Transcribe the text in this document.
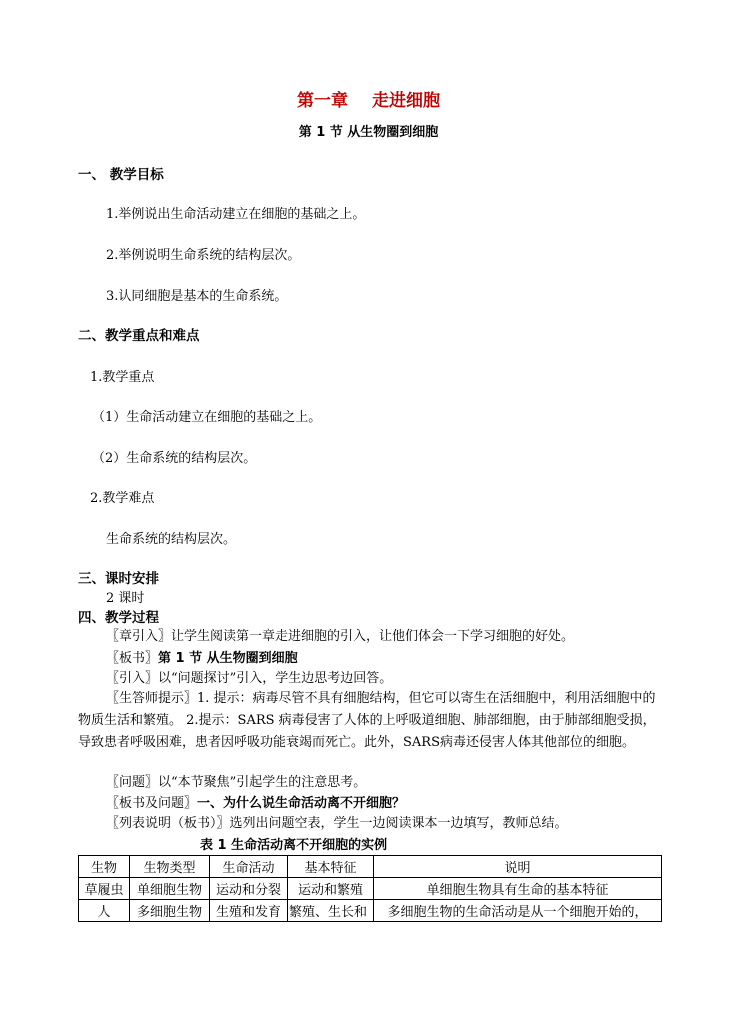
第一章 走进细胞
第 1 节 从生物圈到细胞
一、 教学目标
1.举例说出生命活动建立在细胞的基础之上。
2.举例说明生命系统的结构层次。
3.认同细胞是基本的生命系统。
二、教学重点和难点
1.教学重点
（1）生命活动建立在细胞的基础之上。
（2）生命系统的结构层次。
2.教学难点
生命系统的结构层次。
三、课时安排
2 课时
四、教学过程
〖章引入〗让学生阅读第一章走进细胞的引入，让他们体会一下学习细胞的好处。
〖板书〗第 1 节 从生物圈到细胞
〖引入〗以“问题探讨”引入，学生边思考边回答。
〖生答师提示〗1. 提示：病毒尽管不具有细胞结构，但它可以寄生在活细胞中，利用活细胞中的物质生活和繁殖。 2.提示：SARS 病毒侵害了人体的上呼吸道细胞、肺部细胞，由于肺部细胞受损，导致患者呼吸困难，患者因呼吸功能衰竭而死亡。此外，SARS病毒还侵害人体其他部位的细胞。
〖问题〗以“本节聚焦”引起学生的注意思考。
〖板书及问题〗一、为什么说生命活动离不开细胞？
〖列表说明（板书）〗选列出问题空表，学生一边阅读课本一边填写，教师总结。
表 1 生命活动离不开细胞的实例
生物	生物类型	生命活动	基本特征	说明
草履虫	单细胞生物	运动和分裂	运动和繁殖	单细胞生物具有生命的基本特征
人	多细胞生物	生殖和发育	繁殖、生长和	多细胞生物的生命活动是从一个细胞开始的，
